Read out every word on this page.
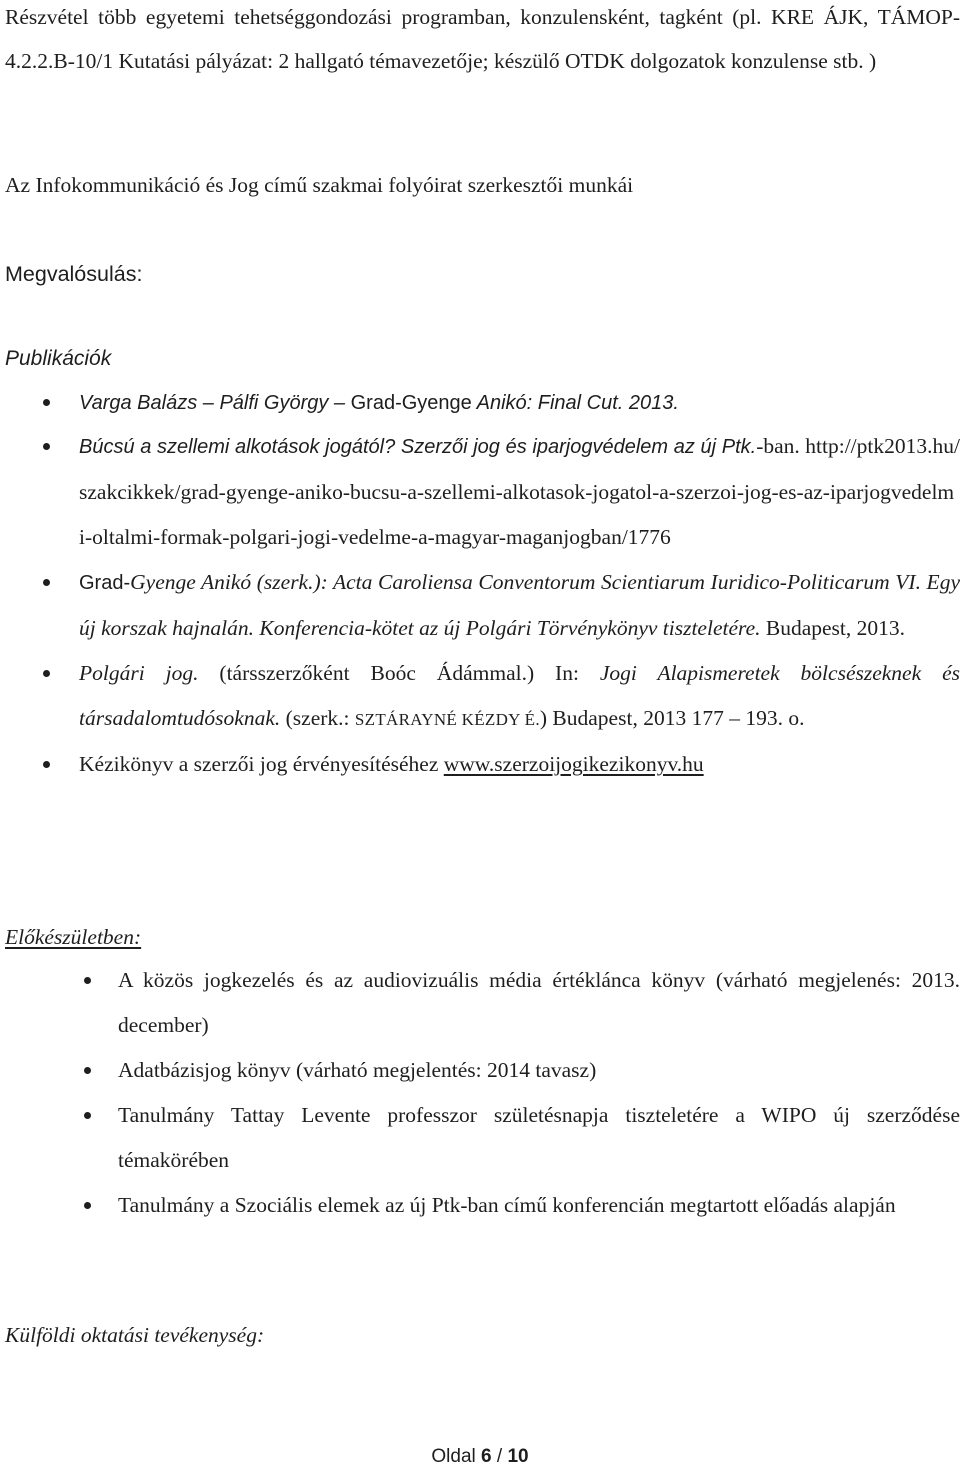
Részvétel több egyetemi tehetséggondozási programban, konzulensként, tagként (pl. KRE ÁJK, TÁMOP-4.2.2.B-10/1 Kutatási pályázat: 2 hallgató témavezetője; készülő OTDK dolgozatok konzulense stb. )

Az Infokommunikáció és Jog című szakmai folyóirat szerkesztői munkái

Megvalósulás:

Publikációk

Varga Balázs – Pálfi György – Grad-Gyenge Anikó: Final Cut. 2013.
Búcsú a szellemi alkotások jogától? Szerzői jog és iparjogvédelem az új Ptk.-ban. http://ptk2013.hu/szakcikkek/grad-gyenge-aniko-bucsu-a-szellemi-alkotasok-jogatol-a-szerzoi-jog-es-az-iparjogvedelmi-oltalmi-formak-polgari-jogi-vedelme-a-magyar-maganjogban/1776
Grad-Gyenge Anikó (szerk.): Acta Caroliensa Conventorum Scientiarum Iuridico-Politicarum VI. Egy új korszak hajnalán. Konferencia-kötet az új Polgári Törvénykönyv tiszteletére. Budapest, 2013.
Polgári jog. (társszerzőként Boóc Ádámmal.) In: Jogi Alapismeretek bölcsészeknek és társadalomtudósoknak. (szerk.: SZTÁRAYNÉ KÉZDY É.) Budapest, 2013 177 – 193. o.
Kézikönyv a szerzői jog érvényesítéséhez www.szerzoijogikezikonyv.hu

Előkészületben:

A közös jogkezelés és az audiovizuális média értéklánca könyv (várható megjelenés: 2013. december)
Adatbázisjog könyv (várható megjelentés: 2014 tavasz)
Tanulmány Tattay Levente professzor születésnapja tiszteletére a WIPO új szerződése témakörében
Tanulmány a Szociális elemek az új Ptk-ban című konferencián megtartott előadás alapján

Külföldi oktatási tevékenység:

Oldal 6 / 10
